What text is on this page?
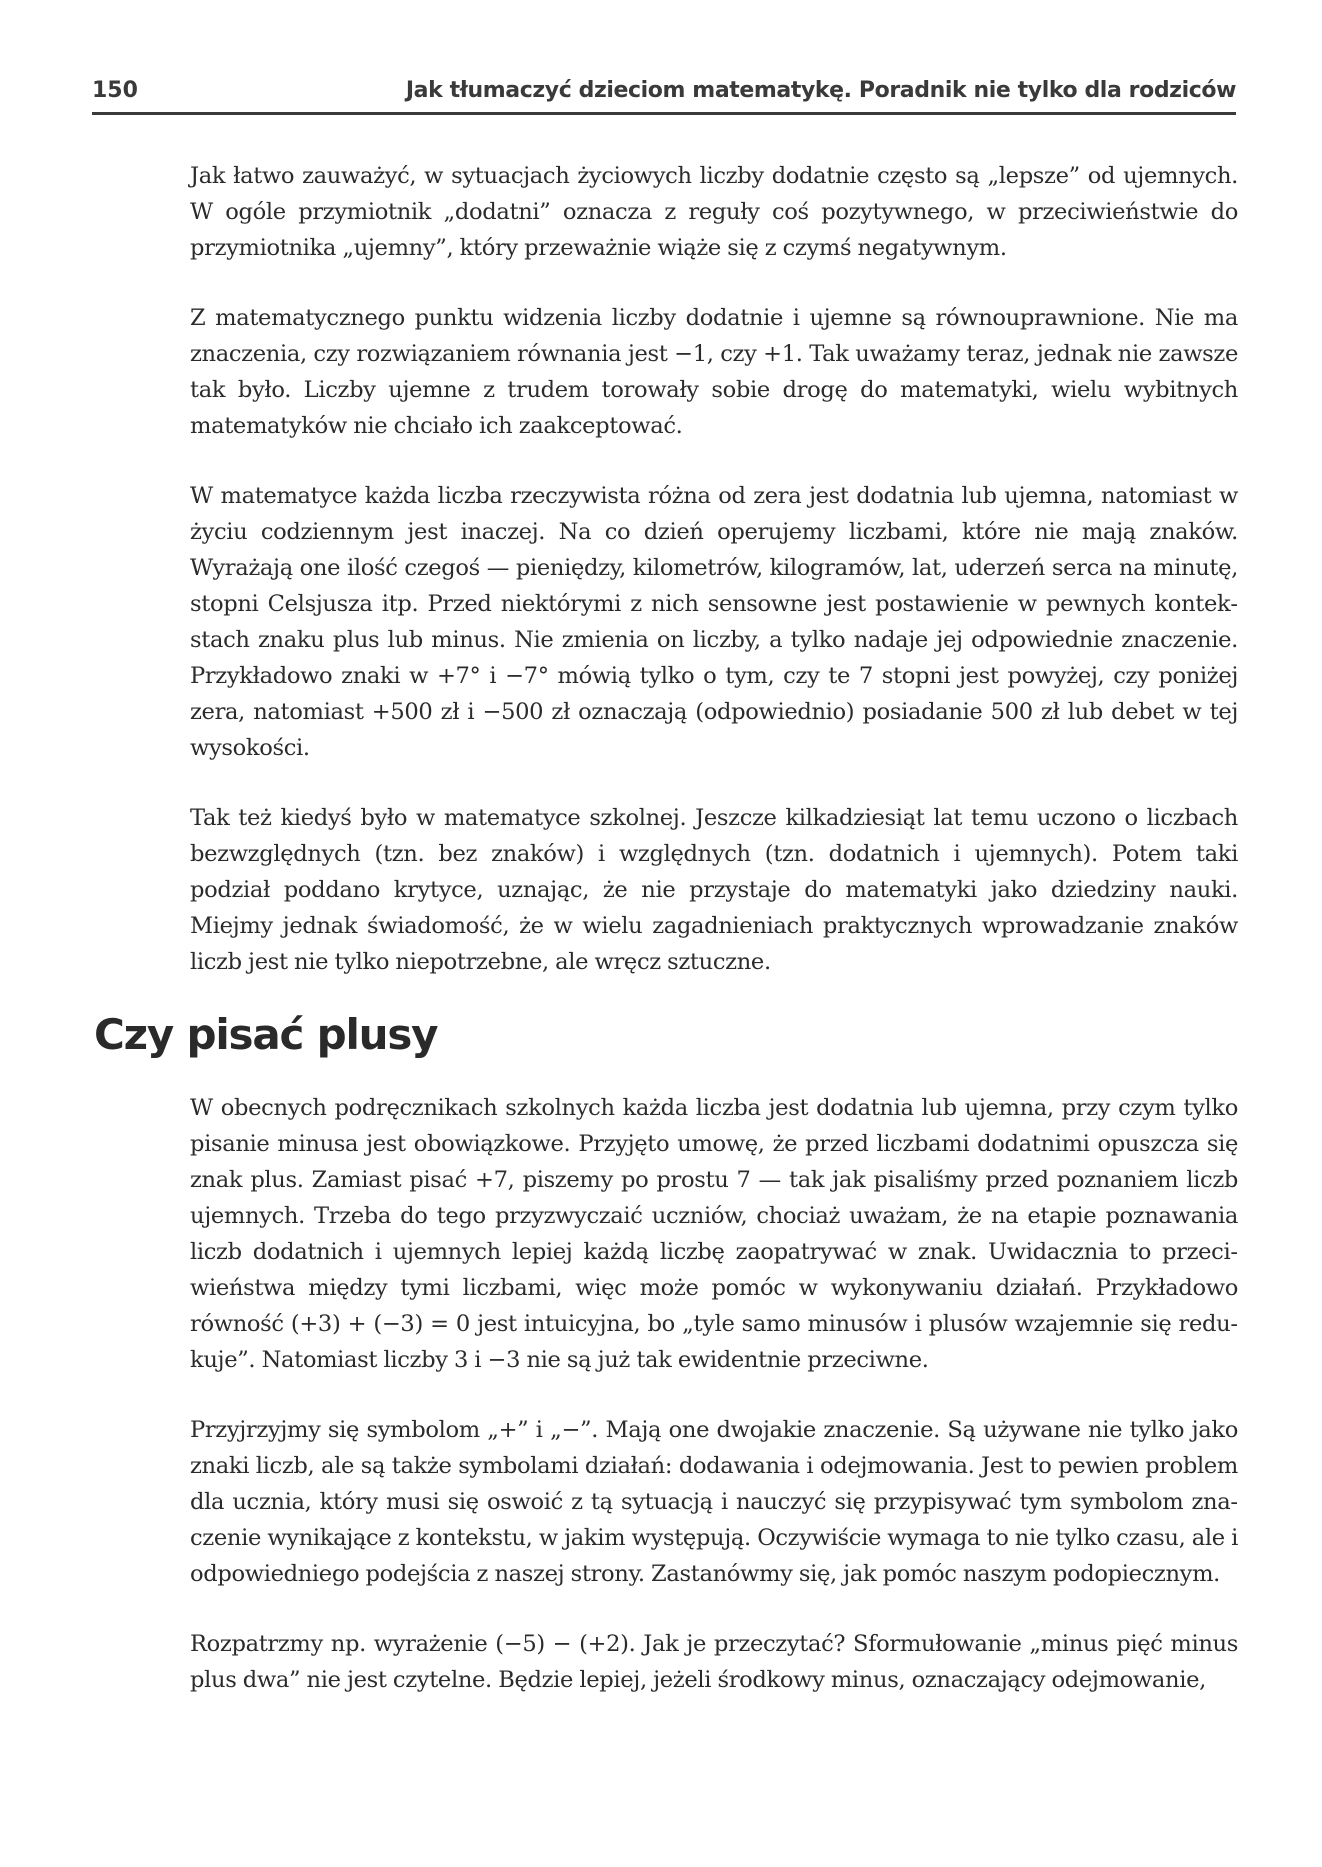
150	Jak tłumaczyć dzieciom matematykę. Poradnik nie tylko dla rodziców

Jak łatwo zauważyć, w sytuacjach życiowych liczby dodatnie często są „lepsze” od ujemnych. W ogóle przymiotnik „dodatni” oznacza z reguły coś pozytywnego, w przeciwieństwie do przymiotnika „ujemny”, który przeważnie wiąże się z czymś negatywnym.

Z matematycznego punktu widzenia liczby dodatnie i ujemne są równouprawnione. Nie ma znaczenia, czy rozwiązaniem równania jest −1, czy +1. Tak uważamy teraz, jednak nie zawsze tak było. Liczby ujemne z trudem torowały sobie drogę do matematyki, wielu wybitnych matematyków nie chciało ich zaakceptować.

W matematyce każda liczba rzeczywista różna od zera jest dodatnia lub ujemna, natomiast w życiu codziennym jest inaczej. Na co dzień operujemy liczbami, które nie mają znaków. Wyrażają one ilość czegoś — pieniędzy, kilometrów, kilogramów, lat, uderzeń serca na minutę, stopni Celsjusza itp. Przed niektórymi z nich sensowne jest postawienie w pewnych kontekstach znaku plus lub minus. Nie zmienia on liczby, a tylko nadaje jej odpowiednie znaczenie. Przykładowo znaki w +7° i −7° mówią tylko o tym, czy te 7 stopni jest powyżej, czy poniżej zera, natomiast +500 zł i −500 zł oznaczają (odpowiednio) posiadanie 500 zł lub debet w tej wysokości.

Tak też kiedyś było w matematyce szkolnej. Jeszcze kilkadziesiąt lat temu uczono o liczbach bezwzględnych (tzn. bez znaków) i względnych (tzn. dodatnich i ujemnych). Potem taki podział poddano krytyce, uznając, że nie przystaje do matematyki jako dziedziny nauki. Miejmy jednak świadomość, że w wielu zagadnieniach praktycznych wprowadzanie znaków liczb jest nie tylko niepotrzebne, ale wręcz sztuczne.

Czy pisać plusy

W obecnych podręcznikach szkolnych każda liczba jest dodatnia lub ujemna, przy czym tylko pisanie minusa jest obowiązkowe. Przyjęto umowę, że przed liczbami dodatnimi opuszcza się znak plus. Zamiast pisać +7, piszemy po prostu 7 — tak jak pisaliśmy przed poznaniem liczb ujemnych. Trzeba do tego przyzwyczaić uczniów, chociaż uważam, że na etapie poznawania liczb dodatnich i ujemnych lepiej każdą liczbę zaopatrywać w znak. Uwidacznia to przeciwieństwa między tymi liczbami, więc może pomóc w wykonywaniu działań. Przykładowo równość (+3) + (−3) = 0 jest intuicyjna, bo „tyle samo minusów i plusów wzajemnie się redukuje”. Natomiast liczby 3 i −3 nie są już tak ewidentnie przeciwne.

Przyjrzyjmy się symbolom „+” i „−”. Mają one dwojakie znaczenie. Są używane nie tylko jako znaki liczb, ale są także symbolami działań: dodawania i odejmowania. Jest to pewien problem dla ucznia, który musi się oswoić z tą sytuacją i nauczyć się przypisywać tym symbolom znaczenie wynikające z kontekstu, w jakim występują. Oczywiście wymaga to nie tylko czasu, ale i odpowiedniego podejścia z naszej strony. Zastanówmy się, jak pomóc naszym podopiecznym.

Rozpatrzmy np. wyrażenie (−5) − (+2). Jak je przeczytać? Sformułowanie „minus pięć minus plus dwa” nie jest czytelne. Będzie lepiej, jeżeli środkowy minus, oznaczający odejmowanie,
